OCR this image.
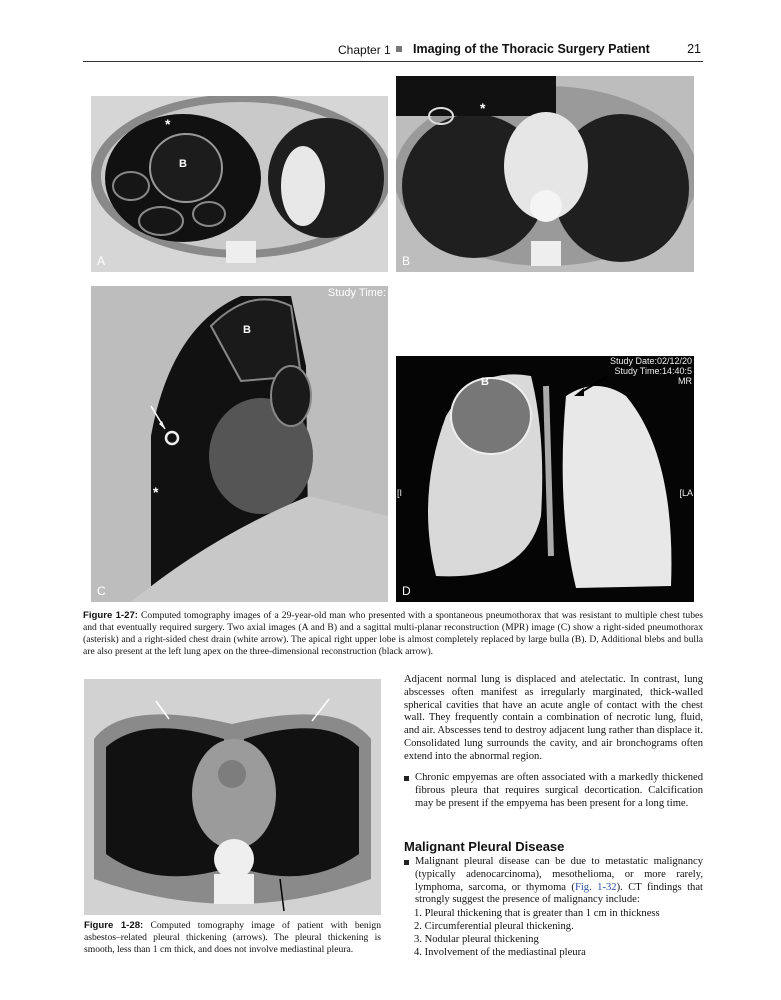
Chapter 1 Imaging of the Thoracic Surgery Patient	21
*
B
A
*
B
Study Time:
B
*
C
Study Date:02/12/20
Study Time:14:40:5
MR
B
[I	[LA
D
Figure 1-27: Computed tomography images of a 29-year-old man who presented with a spontaneous pneumothorax that was resistant to multiple chest tubes and that eventually required surgery. Two axial images (A and B) and a sagittal multi-planar reconstruction (MPR) image (C) show a right-sided pneumothorax (asterisk) and a right-sided chest drain (white arrow). The apical right upper lobe is almost completely replaced by large bulla (B). D, Additional blebs and bulla are also present at the left lung apex on the three-dimensional reconstruction (black arrow).
Figure 1-28: Computed tomography image of patient with benign asbestos–related pleural thickening (arrows). The pleural thickening is smooth, less than 1 cm thick, and does not involve mediastinal pleura.
Adjacent normal lung is displaced and atelectatic. In contrast, lung abscesses often manifest as irregularly marginated, thick-walled spherical cavities that have an acute angle of contact with the chest wall. They frequently contain a combination of necrotic lung, fluid, and air. Abscesses tend to destroy adjacent lung rather than displace it. Consolidated lung surrounds the cavity, and air bronchograms often extend into the abnormal region.
Chronic empyemas are often associated with a markedly thickened fibrous pleura that requires surgical decortication. Calcification may be present if the empyema has been present for a long time.
Malignant Pleural Disease
Malignant pleural disease can be due to metastatic malignancy (typically adenocarcinoma), mesothelioma, or more rarely, lymphoma, sarcoma, or thymoma (Fig. 1-32). CT findings that strongly suggest the presence of malignancy include:
1. Pleural thickening that is greater than 1 cm in thickness
2. Circumferential pleural thickening.
3. Nodular pleural thickening
4. Involvement of the mediastinal pleura
